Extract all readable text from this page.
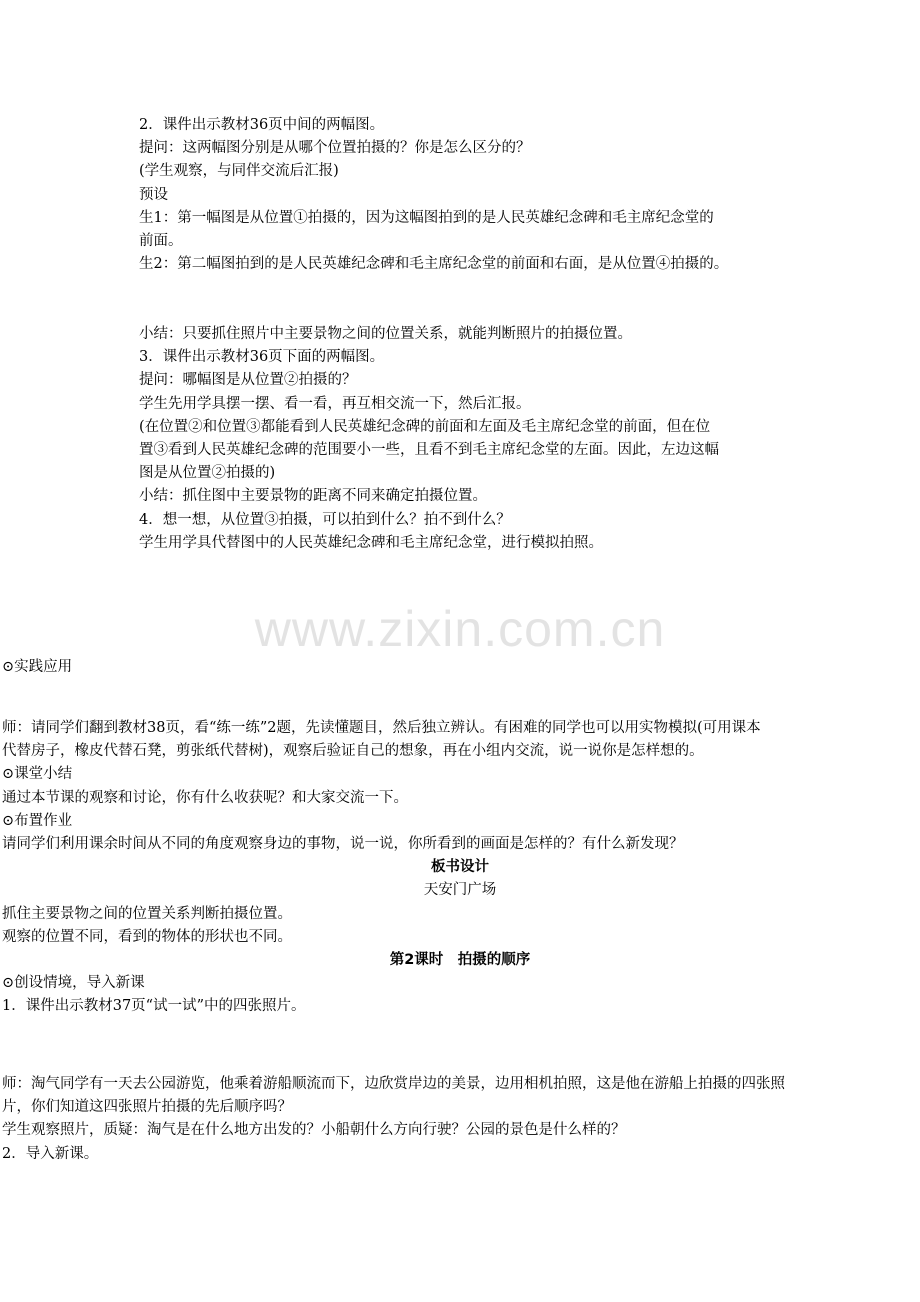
www.zixin.com.cn
2．课件出示教材36页中间的两幅图。
提问：这两幅图分别是从哪个位置拍摄的？你是怎么区分的？
(学生观察，与同伴交流后汇报)
预设
生1：第一幅图是从位置①拍摄的，因为这幅图拍到的是人民英雄纪念碑和毛主席纪念堂的
前面。
生2：第二幅图拍到的是人民英雄纪念碑和毛主席纪念堂的前面和右面，是从位置④拍摄的。
小结：只要抓住照片中主要景物之间的位置关系，就能判断照片的拍摄位置。
3．课件出示教材36页下面的两幅图。
提问：哪幅图是从位置②拍摄的？
学生先用学具摆一摆、看一看，再互相交流一下，然后汇报。
(在位置②和位置③都能看到人民英雄纪念碑的前面和左面及毛主席纪念堂的前面，但在位
置③看到人民英雄纪念碑的范围要小一些，且看不到毛主席纪念堂的左面。因此，左边这幅
图是从位置②拍摄的)
小结：抓住图中主要景物的距离不同来确定拍摄位置。
4．想一想，从位置③拍摄，可以拍到什么？拍不到什么？
学生用学具代替图中的人民英雄纪念碑和毛主席纪念堂，进行模拟拍照。
⊙实践应用
师：请同学们翻到教材38页，看“练一练”2题，先读懂题目，然后独立辨认。有困难的同学也可以用实物模拟(可用课本
代替房子，橡皮代替石凳，剪张纸代替树)，观察后验证自己的想象，再在小组内交流，说一说你是怎样想的。
⊙课堂小结
通过本节课的观察和讨论，你有什么收获呢？和大家交流一下。
⊙布置作业
请同学们利用课余时间从不同的角度观察身边的事物，说一说，你所看到的画面是怎样的？有什么新发现？
板书设计
天安门广场
抓住主要景物之间的位置关系判断拍摄位置。
观察的位置不同，看到的物体的形状也不同。
第2课时　拍摄的顺序
⊙创设情境，导入新课
1．课件出示教材37页“试一试”中的四张照片。
师：淘气同学有一天去公园游览，他乘着游船顺流而下，边欣赏岸边的美景，边用相机拍照，这是他在游船上拍摄的四张照
片，你们知道这四张照片拍摄的先后顺序吗？
学生观察照片，质疑：淘气是在什么地方出发的？小船朝什么方向行驶？公园的景色是什么样的？
2．导入新课。
